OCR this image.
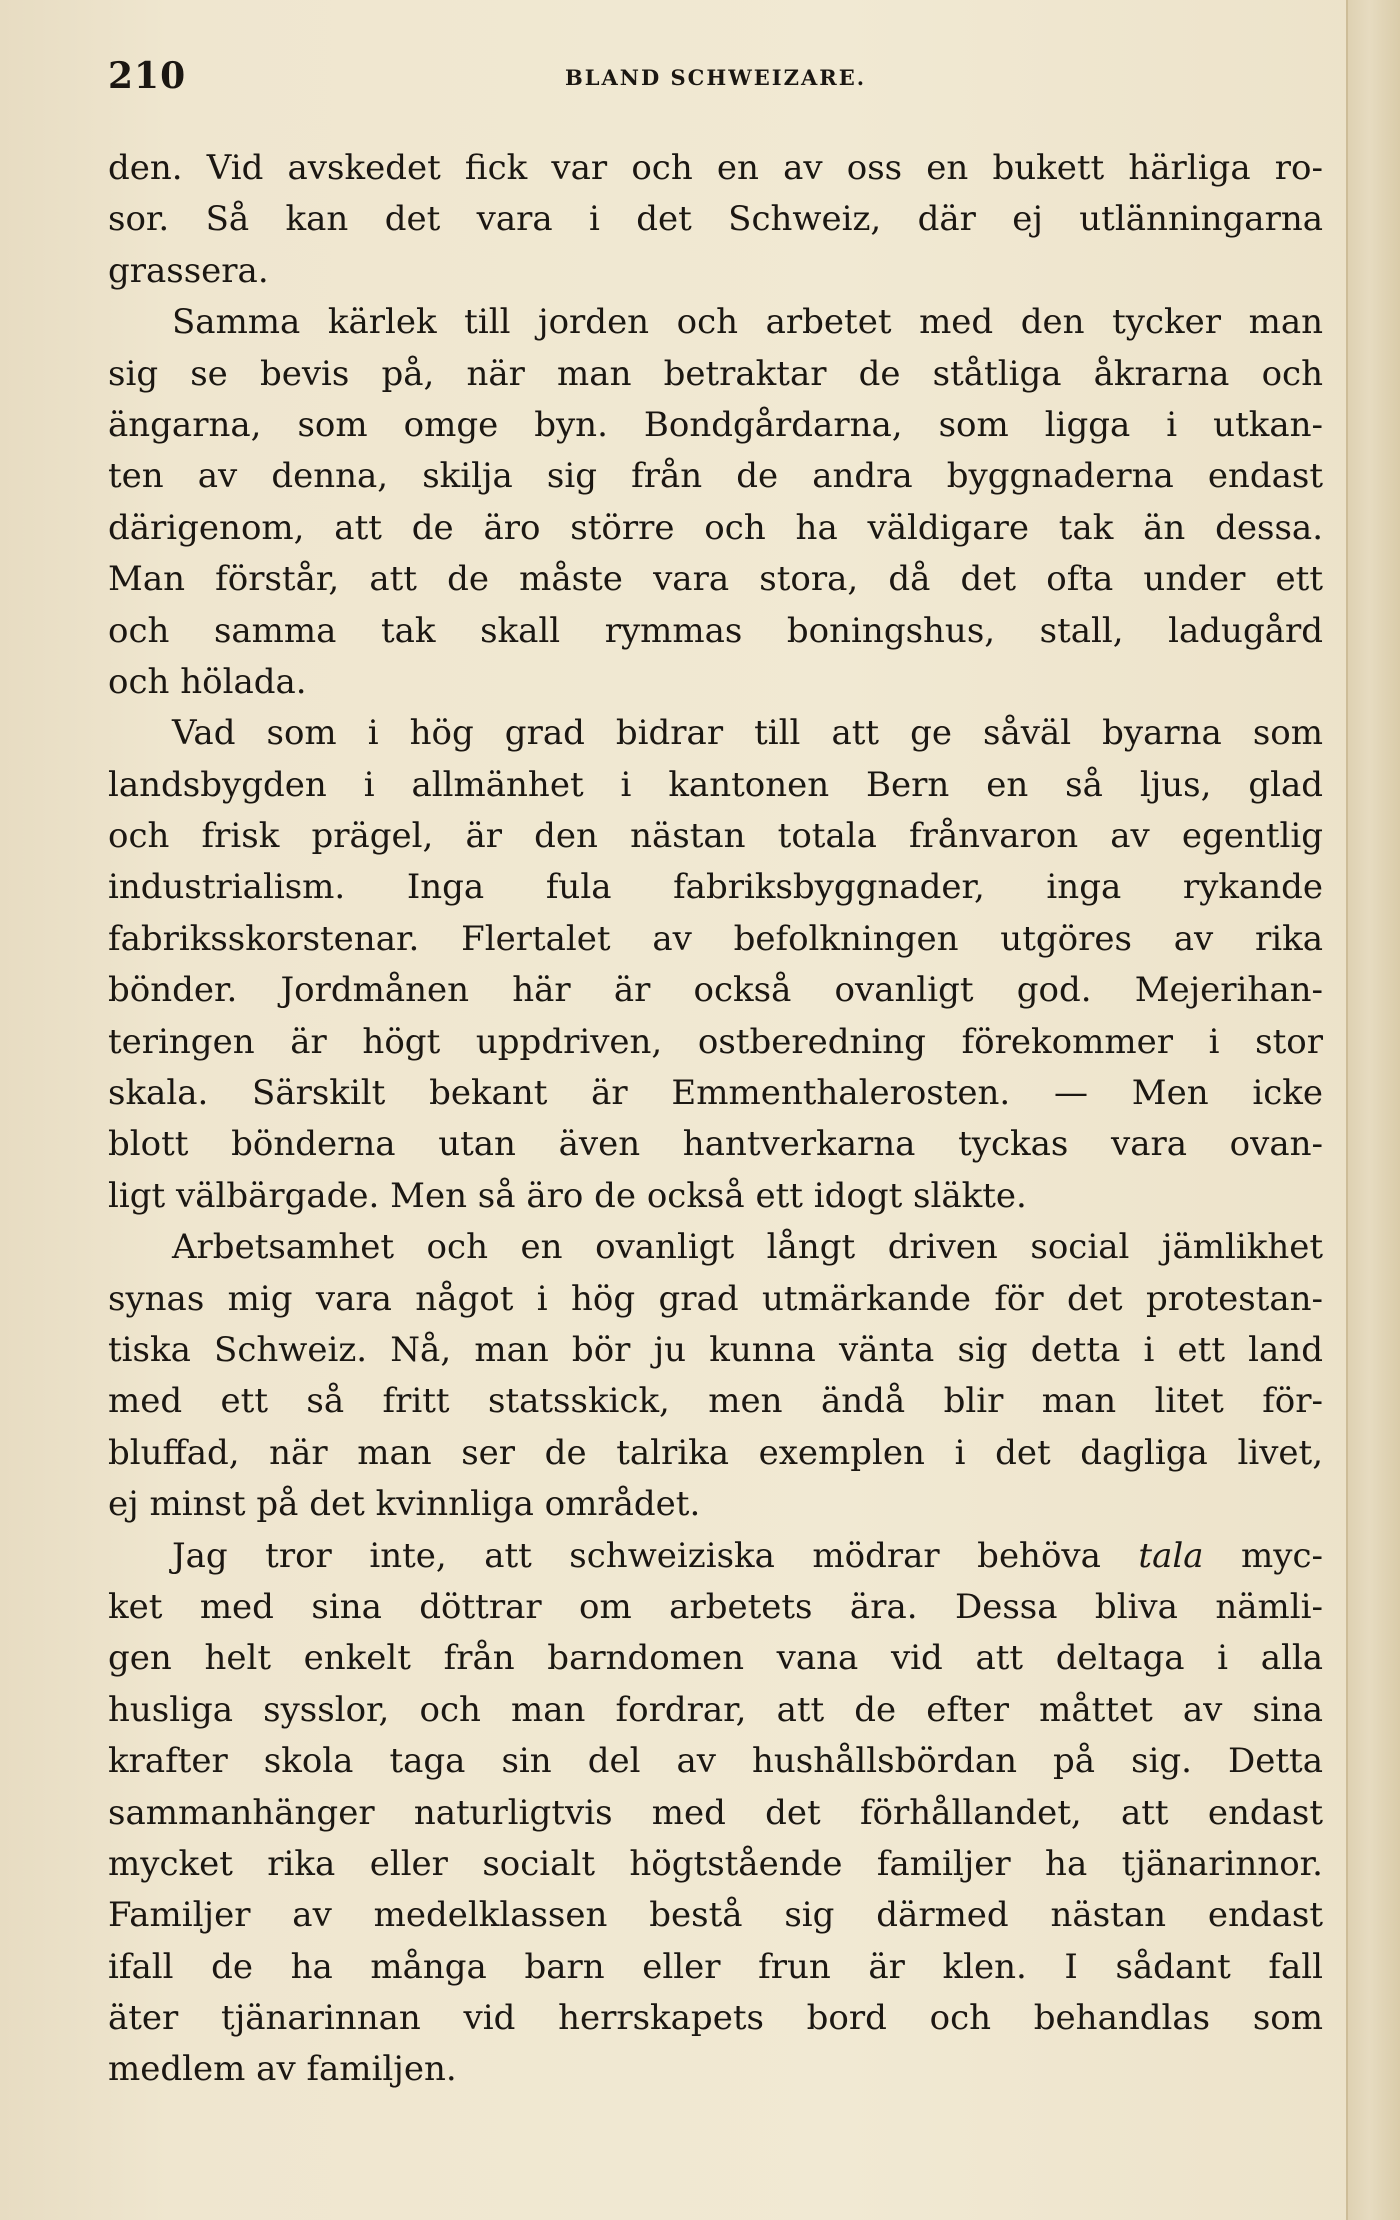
210	BLAND SCHWEIZARE.
den. Vid avskedet fick var och en av oss en bukett härliga ro-
sor. Så kan det vara i det Schweiz, där ej utlänningarna
grassera.
Samma kärlek till jorden och arbetet med den tycker man
sig se bevis på, när man betraktar de ståtliga åkrarna och
ängarna, som omge byn. Bondgårdarna, som ligga i utkan-
ten av denna, skilja sig från de andra byggnaderna endast
därigenom, att de äro större och ha väldigare tak än dessa.
Man förstår, att de måste vara stora, då det ofta under ett
och samma tak skall rymmas boningshus, stall, ladugård
och hölada.
Vad som i hög grad bidrar till att ge såväl byarna som
landsbygden i allmänhet i kantonen Bern en så ljus, glad
och frisk prägel, är den nästan totala frånvaron av egentlig
industrialism. Inga fula fabriksbyggnader, inga rykande
fabriksskorstenar. Flertalet av befolkningen utgöres av rika
bönder. Jordmånen här är också ovanligt god. Mejerihan-
teringen är högt uppdriven, ostberedning förekommer i stor
skala. Särskilt bekant är Emmenthalerosten. — Men icke
blott bönderna utan även hantverkarna tyckas vara ovan-
ligt välbärgade. Men så äro de också ett idogt släkte.
Arbetsamhet och en ovanligt långt driven social jämlikhet
synas mig vara något i hög grad utmärkande för det protestan-
tiska Schweiz. Nå, man bör ju kunna vänta sig detta i ett land
med ett så fritt statsskick, men ändå blir man litet för-
bluffad, när man ser de talrika exemplen i det dagliga livet,
ej minst på det kvinnliga området.
Jag tror inte, att schweiziska mödrar behöva tala myc-
ket med sina döttrar om arbetets ära. Dessa bliva nämli-
gen helt enkelt från barndomen vana vid att deltaga i alla
husliga sysslor, och man fordrar, att de efter måttet av sina
krafter skola taga sin del av hushållsbördan på sig. Detta
sammanhänger naturligtvis med det förhållandet, att endast
mycket rika eller socialt högtstående familjer ha tjänarinnor.
Familjer av medelklassen bestå sig därmed nästan endast
ifall de ha många barn eller frun är klen. I sådant fall
äter tjänarinnan vid herrskapets bord och behandlas som
medlem av familjen.
